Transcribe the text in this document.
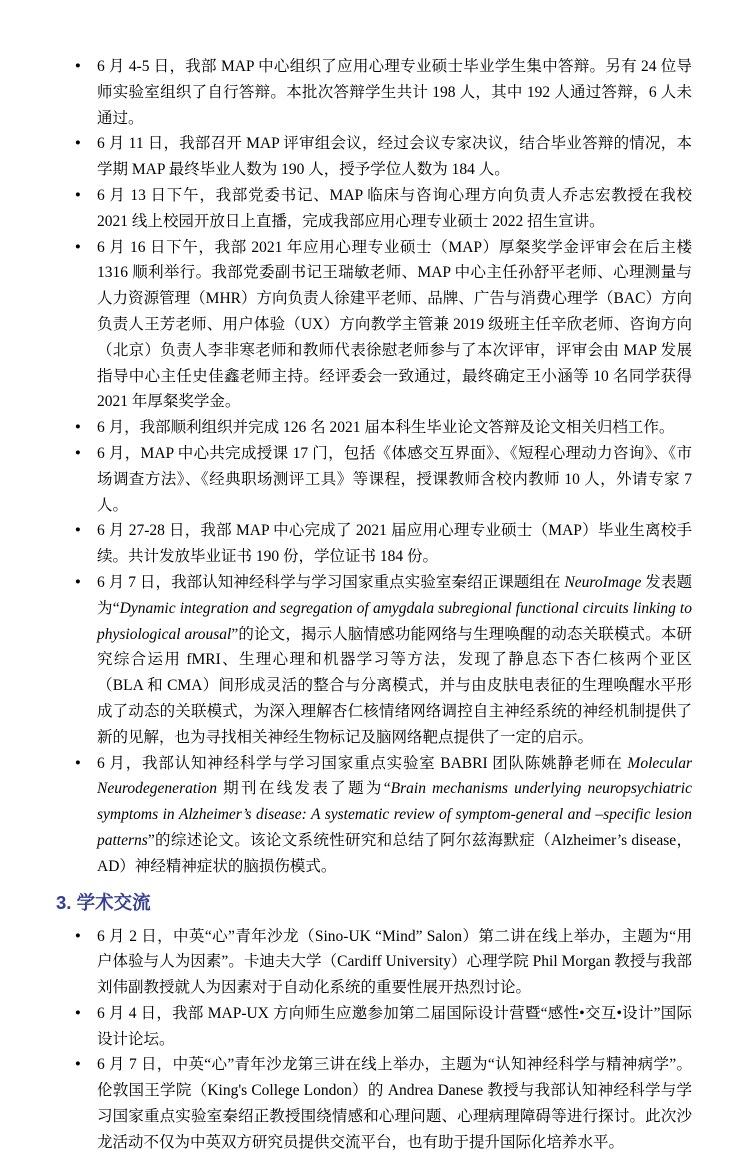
● 6 月 4-5 日，我部 MAP 中心组织了应用心理专业硕士毕业学生集中答辩。另有 24 位导师实验室组织了自行答辩。本批次答辩学生共计 198 人，其中 192 人通过答辩，6 人未通过。
● 6 月 11 日，我部召开 MAP 评审组会议，经过会议专家决议，结合毕业答辩的情况，本学期 MAP 最终毕业人数为 190 人，授予学位人数为 184 人。
● 6 月 13 日下午，我部党委书记、MAP 临床与咨询心理方向负责人乔志宏教授在我校 2021 线上校园开放日上直播，完成我部应用心理专业硕士 2022 招生宣讲。
● 6 月 16 日下午，我部 2021 年应用心理专业硕士（MAP）厚粲奖学金评审会在后主楼 1316 顺利举行。我部党委副书记王瑞敏老师、MAP 中心主任孙舒平老师、心理测量与人力资源管理（MHR）方向负责人徐建平老师、品牌、广告与消费心理学（BAC）方向负责人王芳老师、用户体验（UX）方向教学主管兼 2019 级班主任辛欣老师、咨询方向（北京）负责人李非寒老师和教师代表徐慰老师参与了本次评审，评审会由 MAP 发展指导中心主任史佳鑫老师主持。经评委会一致通过，最终确定王小涵等 10 名同学获得 2021 年厚粲奖学金。
● 6 月，我部顺利组织并完成 126 名 2021 届本科生毕业论文答辩及论文相关归档工作。
● 6 月，MAP 中心共完成授课 17 门，包括《体感交互界面》、《短程心理动力咨询》、《市场调查方法》、《经典职场测评工具》等课程，授课教师含校内教师 10 人，外请专家 7 人。
● 6 月 27-28 日，我部 MAP 中心完成了 2021 届应用心理专业硕士（MAP）毕业生离校手续。共计发放毕业证书 190 份，学位证书 184 份。
● 6 月 7 日，我部认知神经科学与学习国家重点实验室秦绍正课题组在 NeuroImage 发表题为“Dynamic integration and segregation of amygdala subregional functional circuits linking to physiological arousal”的论文，揭示人脑情感功能网络与生理唤醒的动态关联模式。本研究综合运用 fMRI、生理心理和机器学习等方法，发现了静息态下杏仁核两个亚区（BLA 和 CMA）间形成灵活的整合与分离模式，并与由皮肤电表征的生理唤醒水平形成了动态的关联模式，为深入理解杏仁核情绪网络调控自主神经系统的神经机制提供了新的见解，也为寻找相关神经生物标记及脑网络靶点提供了一定的启示。
● 6 月，我部认知神经科学与学习国家重点实验室 BABRI 团队陈姚静老师在 Molecular Neurodegeneration 期刊在线发表了题为“Brain mechanisms underlying neuropsychiatric symptoms in Alzheimer’s disease: A systematic review of symptom-general and –specific lesion patterns”的综述论文。该论文系统性研究和总结了阿尔兹海默症（Alzheimer’s disease，AD）神经精神症状的脑损伤模式。
3. 学术交流
● 6 月 2 日，中英“心”青年沙龙（Sino-UK “Mind” Salon）第二讲在线上举办，主题为“用户体验与人为因素”。卡迪夫大学（Cardiff University）心理学院 Phil Morgan 教授与我部刘伟副教授就人为因素对于自动化系统的重要性展开热烈讨论。
● 6 月 4 日，我部 MAP-UX 方向师生应邀参加第二届国际设计营暨“感性•交互•设计”国际设计论坛。
● 6 月 7 日，中英“心”青年沙龙第三讲在线上举办，主题为“认知神经科学与精神病学”。伦敦国王学院（King's College London）的 Andrea Danese 教授与我部认知神经科学与学习国家重点实验室秦绍正教授围绕情感和心理问题、心理病理障碍等进行探讨。此次沙龙活动不仅为中英双方研究员提供交流平台，也有助于提升国际化培养水平。
